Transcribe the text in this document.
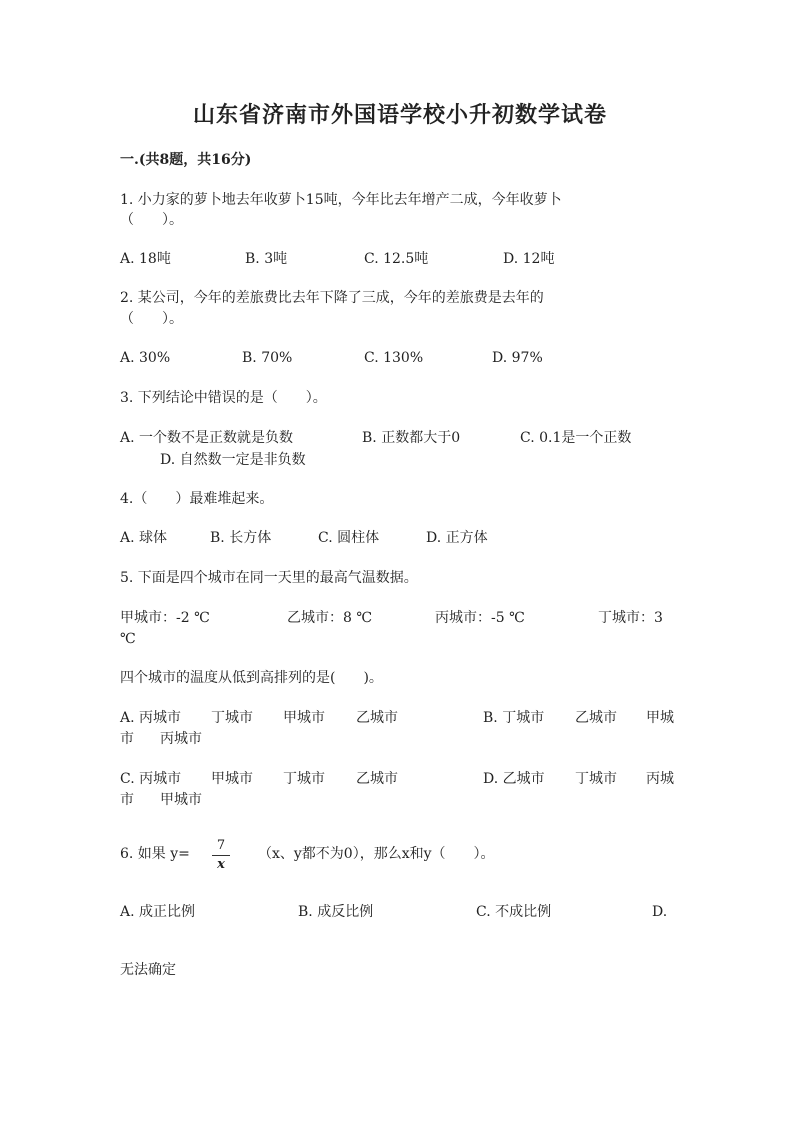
山东省济南市外国语学校小升初数学试卷
一.(共8题，共16分)
1. 小力家的萝卜地去年收萝卜15吨，今年比去年增产二成，今年收萝卜
（　　）。
A. 18吨	B. 3吨	C. 12.5吨	D. 12吨
2. 某公司，今年的差旅费比去年下降了三成，今年的差旅费是去年的
（　　）。
A. 30%	B. 70%	C. 130%	D. 97%
3. 下列结论中错误的是（　　）。
A. 一个数不是正数就是负数	B. 正数都大于0	C. 0.1是一个正数
D. 自然数一定是非负数
4.（　　）最难堆起来。
A. 球体	B. 长方体	C. 圆柱体	D. 正方体
5. 下面是四个城市在同一天里的最高气温数据。
甲城市：-2 ℃	乙城市：8 ℃	丙城市：-5 ℃	丁城市：3
℃
四个城市的温度从低到高排列的是(　　)。
A. 丙城市 丁城市 甲城市 乙城市	B. 丁城市 乙城市 甲城
市 丙城市
C. 丙城市 甲城市 丁城市 乙城市	D. 乙城市 丁城市 丙城
市 甲城市
6. 如果 y=
7
x
（x、y都不为0），那么x和y（　　）。
A. 成正比例	B. 成反比例	C. 不成比例	D.
无法确定
